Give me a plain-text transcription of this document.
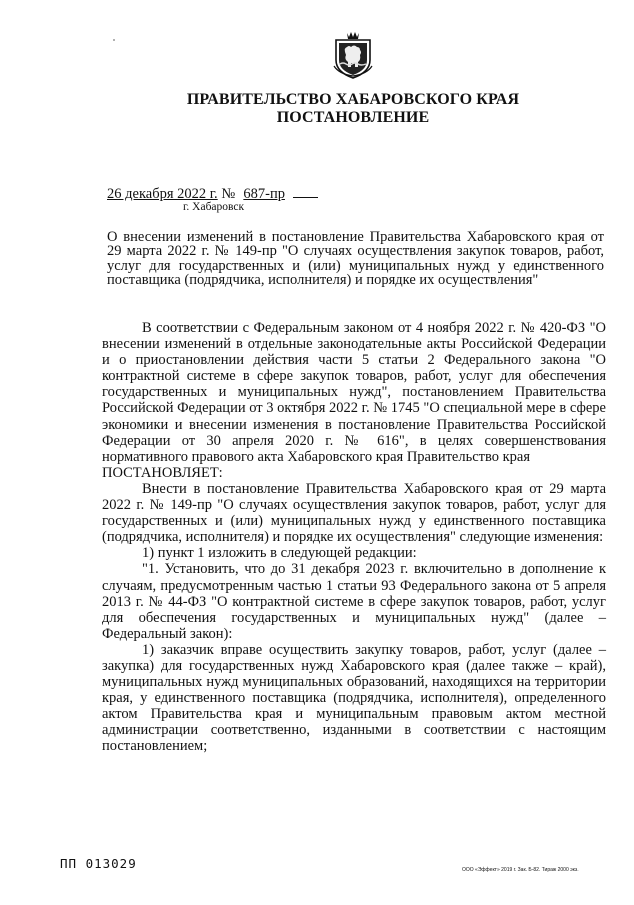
ПРАВИТЕЛЬСТВО ХАБАРОВСКОГО КРАЯ
ПОСТАНОВЛЕНИЕ
26 декабря 2022 г. № 687-пр
г. Хабаровск
О внесении изменений в постановление Правительства Хабаровского края от 29 марта 2022 г. № 149-пр "О случаях осуществления закупок товаров, работ, услуг для государственных и (или) муниципальных нужд у единственного поставщика (подрядчика, исполнителя) и порядке их осуществления"

В соответствии с Федеральным законом от 4 ноября 2022 г. № 420-ФЗ "О внесении изменений в отдельные законодательные акты Российской Федерации и о приостановлении действия части 5 статьи 2 Федерального закона "О контрактной системе в сфере закупок товаров, работ, услуг для обеспечения государственных и муниципальных нужд", постановлением Правительства Российской Федерации от 3 октября 2022 г. № 1745 "О специальной мере в сфере экономики и внесении изменения в постановление Правительства Российской Федерации от 30 апреля 2020 г. № 616", в целях совершенствования нормативного правового акта Хабаровского края Правительство края

ПОСТАНОВЛЯЕТ:

Внести в постановление Правительства Хабаровского края от 29 марта 2022 г. № 149-пр "О случаях осуществления закупок товаров, работ, услуг для государственных и (или) муниципальных нужд у единственного поставщика (подрядчика, исполнителя) и порядке их осуществления" следующие изменения:

1) пункт 1 изложить в следующей редакции:

"1. Установить, что до 31 декабря 2023 г. включительно в дополнение к случаям, предусмотренным частью 1 статьи 93 Федерального закона от 5 апреля 2013 г. № 44-ФЗ "О контрактной системе в сфере закупок товаров, работ, услуг для обеспечения государственных и муниципальных нужд" (далее – Федеральный закон):

1) заказчик вправе осуществить закупку товаров, работ, услуг (далее – закупка) для государственных нужд Хабаровского края (далее также – край), муниципальных нужд муниципальных образований, находящихся на территории края, у единственного поставщика (подрядчика, исполнителя), определенного актом Правительства края и муниципальным правовым актом местной администрации соответственно, изданными в соответствии с настоящим постановлением;

ПП 013029	ООО «Эффект» 2019 г. Зак. Б-82. Тираж 2000 экз.
